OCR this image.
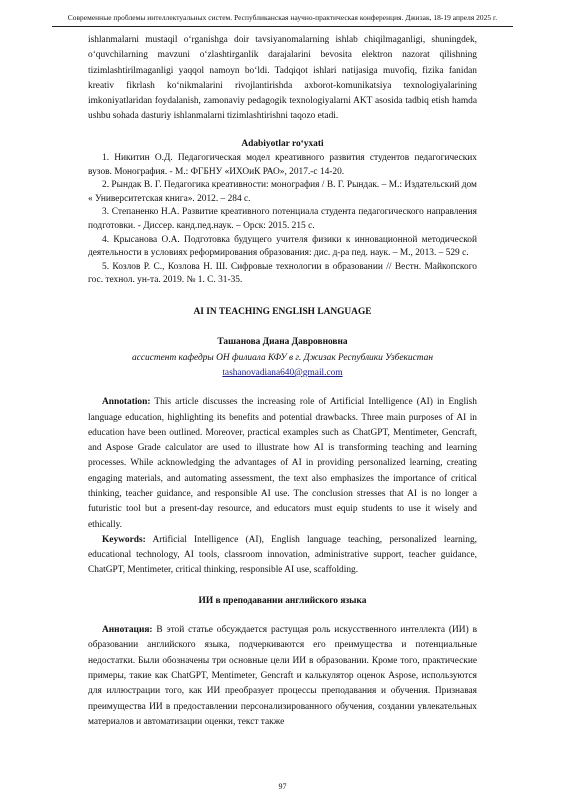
Современные проблемы интеллектуальных систем. Республиканская научно-практическая конференция. Джизак, 18-19 апреля 2025 г.

ishlanmalarni mustaqil o‘rganishga doir tavsiyanomalarning ishlab chiqilmaganligi, shuningdek, o‘quvchilarning mavzuni o‘zlashtirganlik darajalarini bevosita elektron nazorat qilishning tizimlashtirilmaganligi yaqqol namoyn bo‘ldi. Tadqiqot ishlari natijasiga muvofiq, fizika fanidan kreativ fikrlash ko‘nikmalarini rivojlantirishda axborot-komunikatsiya texnologiyalarining imkoniyatlaridan foydalanish, zamonaviy pedagogik texnologiyalarni AKT asosida tadbiq etish hamda ushbu sohada dasturiy ishlanmalarni tizimlashtirishni taqozo etadi.

Adabiyotlar ro‘yxati

1. Никитин О.Д. Педагогическая модел креативного развития студентов педагогических вузов. Монография. - М.: ФГБНУ «ИХОиК РАО», 2017.-с 14-20.

2. Рындак В. Г. Педагогика креативности: монография / В. Г. Рындак. – М.: Издательский дом « Университетская книга». 2012. – 284 с.

3. Степаненко Н.А. Развитие креативного потенциала студента педагогического направления подготовки. - Диссер. канд.пед.наук. – Орск: 2015. 215 с.

4. Крысанова О.А. Подготовка будущего учителя физики к инновационной методической деятельности в условиях реформирования образования: дис. д-ра пед. наук. – М., 2013. – 529 с.

5. Козлов Р. С., Козлова Н. Ш. Сифровые технологии в образовании // Вестн. Майкопского гос. технол. ун-та. 2019. № 1. С. 31-35.

AI IN TEACHING ENGLISH LANGUAGE

Ташанова Диана Давровновна

ассистент кафедры ОН филиала КФУ в г. Джизак Республики Узбекистан

tashanovadiana640@gmail.com

Annotation: This article discusses the increasing role of Artificial Intelligence (AI) in English language education, highlighting its benefits and potential drawbacks. Three main purposes of AI in education have been outlined. Moreover, practical examples such as ChatGPT, Mentimeter, Gencraft, and Aspose Grade calculator are used to illustrate how AI is transforming teaching and learning processes. While acknowledging the advantages of AI in providing personalized learning, creating engaging materials, and automating assessment, the text also emphasizes the importance of critical thinking, teacher guidance, and responsible AI use. The conclusion stresses that AI is no longer a futuristic tool but a present-day resource, and educators must equip students to use it wisely and ethically.

Keywords: Artificial Intelligence (AI), English language teaching, personalized learning, educational technology, AI tools, classroom innovation, administrative support, teacher guidance, ChatGPT, Mentimeter, critical thinking, responsible AI use, scaffolding.

ИИ в преподавании английского языка

Аннотация: В этой статье обсуждается растущая роль искусственного интеллекта (ИИ) в образовании английского языка, подчеркиваются его преимущества и потенциальные недостатки. Были обозначены три основные цели ИИ в образовании. Кроме того, практические примеры, такие как ChatGPT, Mentimeter, Gencraft и калькулятор оценок Aspose, используются для иллюстрации того, как ИИ преобразует процессы преподавания и обучения. Признавая преимущества ИИ в предоставлении персонализированного обучения, создании увлекательных материалов и автоматизации оценки, текст также

97
